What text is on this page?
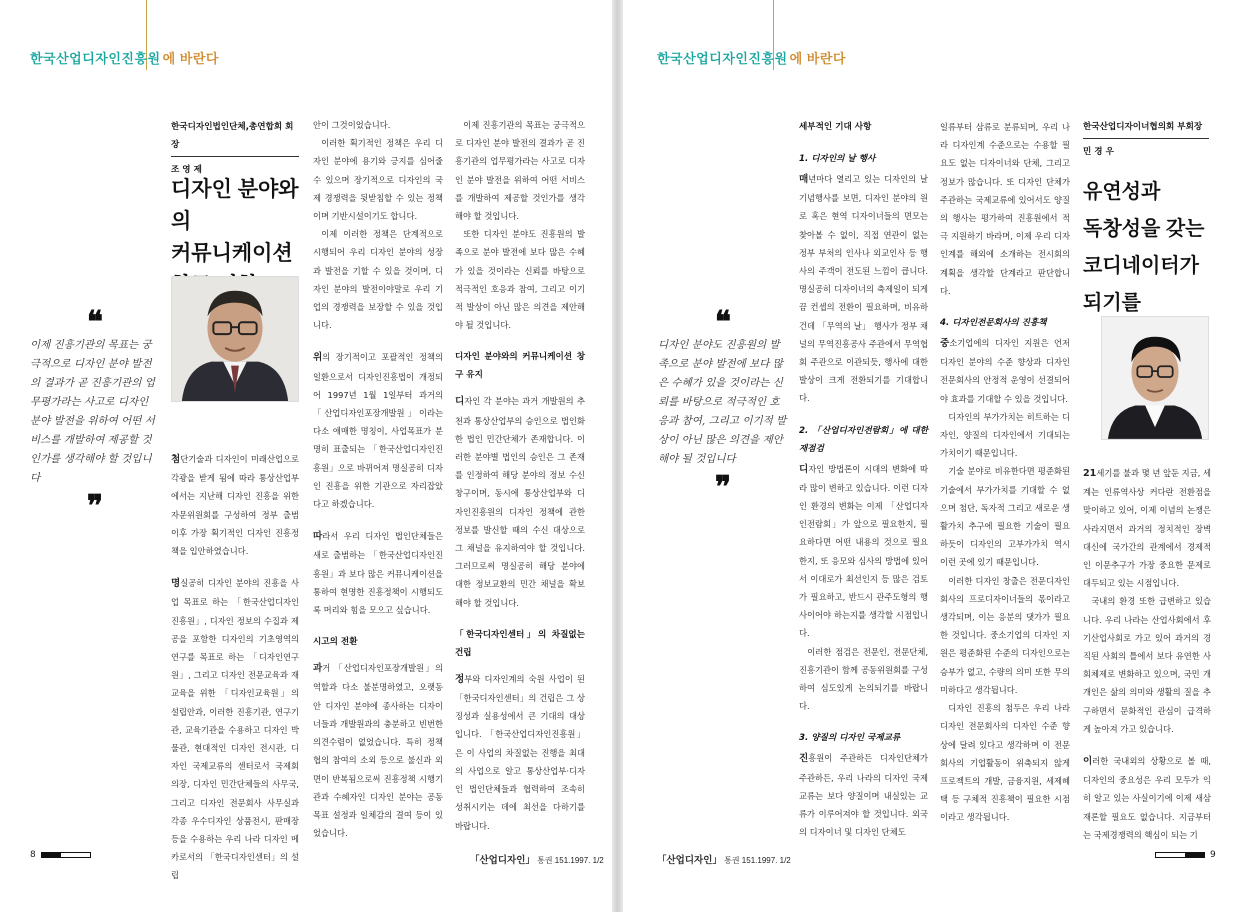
한국산업디자인진흥원 에 바란다
❝
이제 진흥기관의 목표는 궁극적으로 디자인 분야 발전의 결과가 곧 진흥기관의 업무평가라는 사고로 디자인 분야 발전을 위하여 어떤 서비스를 개발하여 제공할 것인가를 생각해야 할 것입니다
❞
한국디자인법인단체,총연합회 회장
조 영 제
디자인 분야와의
커뮤니케이션

첨단기술과 디자인이 미래산업으로 각광을 받게 됨에 따라 통상산업부에서는 지난해 디자인 진흥을 위한 자문위원회를 구성하여 정부 출범 이후 가장 획기적인 디자인 진흥정책을 입안하였습니다.

명실공히 디자인 분야의 진흥을 사업 목표로 하는 「한국산업디자인진흥원」, 디자인 정보의 수집과 제공을 포함한 디자인의 기초영역의 연구를 목표로 하는 「디자인연구원」, 그리고 디자인 전문교육과 재교육을 위한 「디자인교육원」의 설립안과, 이러한 진흥기관, 연구기관, 교육기관을 수용하고 디자인 박물관, 현대적인 디자인 전시관, 디자인 국제교류의 센터로서 국제회의장, 디자인 민간단체들의 사무국, 그리고 디자인 전문회사 사무실과 각종 우수디자인 상품전시, 판매장 등을 수용하는 우리 나라 디자인 메카로서의 「한국디자인센터」의 설립

안이 그것이었습니다.

이러한 획기적인 정책은 우리 디자인 분야에 용기와 긍지를 심어줄 수 있으며 장기적으로 디자인의 국제 경쟁력을 뒷받침할 수 있는 정책이며 기반시설이기도 합니다.

이제 이러한 정책은 단계적으로 시행되어 우리 디자인 분야의 성장과 발전을 기할 수 있을 것이며, 디자인 분야의 발전이야말로 우리 기업의 경쟁력을 보장할 수 있을 것입니다.

위의 장기적이고 포괄적인 정책의 일환으로서 디자인진흥법이 개정되어 1997년 1월 1일부터 과거의 「산업디자인포장개발원」이라는 다소 애매한 명칭이, 사업목표가 분명히 표출되는 「한국산업디자인진흥원」으로 바뀌어져 명실공히 디자인 진흥을 위한 기관으로 자리잡았다고 하겠습니다.

따라서 우리 디자인 법인단체들은 새로 출범하는 「한국산업디자인진흥원」과 보다 많은 커뮤니케이션을 통하여 현명한 진흥정책이 시행되도록 머리와 힘을 모으고 싶습니다.

시고의 전환

과거 「산업디자인포장개발원」의 역할과 다소 불분명하였고, 오랫동안 디자인 분야에 종사하는 디자이너들과 개발원과의 충분하고 빈번한 의견수렴이 없었습니다. 특히 정책협의 참여의 소외 등으로 불신과 외면이 반복됨으로써 진흥정책 시행기관과 수혜자인 디자인 분야는 공동목표 설정과 일체감의 결여 등이 있었습니다.

이제 진흥기관의 목표는 궁극적으로 디자인 분야 발전의 결과가 곧 진흥기관의 업무평가라는 사고로 디자인 분야 발전을 위하여 어떤 서비스를 개발하여 제공할 것인가를 생각해야 할 것입니다.

또한 디자인 분야도 진흥원의 발족으로 분야 발전에 보다 많은 수혜가 있을 것이라는 신뢰를 바탕으로 적극적인 호응과 참여, 그리고 이기적 발상이 아닌 많은 의견을 제안해야 될 것입니다.

디자인 분야와의 커뮤니케이션 창구 유지

디자인 각 분야는 과거 개발원의 추천과 통상산업부의 승인으로 법인화한 법인 민간단체가 존재합니다. 이러한 분야별 법인의 승인은 그 존재를 인정하여 해당 분야의 정보 수신 창구이며, 동시에 통상산업부와 디자인진흥원의 디자인 정책에 관한 정보를 발신할 때의 수신 대상으로 그 채널을 유지하여야 할 것입니다. 그러므로써 명실공히 해당 분야에 대한 정보교환의 민간 채널을 확보해야 할 것입니다.

「한국디자인센터」의 차질없는 건립

정부와 디자인계의 숙원 사업이 된 「한국디자인센터」의 건립은 그 상징성과 실용성에서 큰 기대의 대상입니다. 「한국산업디자인진흥원」은 이 사업의 차질없는 진행을 최대의 사업으로 알고 통상산업부·디자인 법인단체들과 협력하여 조속히 성취시키는 데에 최선을 다하기를 바랍니다.

8	「산업디자인」 통권 151.1997. 1/2
한국산업디자인진흥원 에 바란다
❝
디자인 분야도 진흥원의 발족으로 분야 발전에 보다 많은 수혜가 있을 것이라는 신뢰를 바탕으로 적극적인 호응과 참여, 그리고 이기적 발상이 아닌 많은 의견을 제안해야 될 것입니다
❞
세부적인 기대 사항
1. 디자인의 날 행사

매년마다 열리고 있는 디자인의 날 기념행사를 보면, 디자인 분야의 원로 혹은 현역 디자이너들의 면모는 찾아볼 수 없이, 직접 연관이 없는 정부 부처의 인사나 외교인사 등 행사의 주객이 전도된 느낌이 큽니다. 명실공히 디자이너의 축제일이 되게끔 컨셉의 전환이 필요하며, 비유하건데 「무역의 날」 행사가 정부 채널의 무역진흥공사 주관에서 무역협회 주관으로 이관되듯, 행사에 대한 발상이 크게 전환되기를 기대합니다.

2. 「산업디자인전람회」에 대한 재점검

디자인 방법론이 시대의 변화에 따라 많이 변하고 있습니다. 이런 디자인 환경의 변화는 이제 「산업디자인전람회」가 앞으로 필요한지, 필요하다면 어떤 내용의 것으로 필요한지, 또 응모와 심사의 방법에 있어서 이대로가 최선인지 등 많은 검토가 필요하고, 반드시 관주도형의 행사이어야 하는지를 생각할 시점입니다.

이러한 점검은 전문인, 전문단체, 진흥기관이 함께 공동위원회를 구성하여 심도있게 논의되기를 바랍니다.

3. 양질의 디자인 국제교류

진흥원이 주관하든 디자인단체가 주관하든, 우리 나라의 디자인 국제교류는 보다 양질이며 내실있는 교류가 이루어져야 할 것입니다. 외국의 디자이너 및 디자인 단체도

일류부터 삼류로 분류되며, 우리 나라 디자인계 수준으로는 수용할 필요도 없는 디자이너와 단체, 그리고 정보가 많습니다. 또 디자인 단체가 주관하는 국제교류에 있어서도 양질의 행사는 평가하여 진흥원에서 적극 지원하기 바라며, 이제 우리 디자인계를 해외에 소개하는 전시회의 계획을 생각할 단계라고 판단합니다.

4. 디자인전문회사의 진흥책

중소기업에의 디자인 지원은 언저 디자인 분야의 수준 향상과 디자인 전문회사의 안정적 운영이 선결되어야 효과를 기대할 수 있을 것입니다.

디자인의 부가가치는 히트하는 디자인, 양질의 디자인에서 기대되는 가치이기 때문입니다.

기술 분야로 비유한다면 평준화된 기술에서 부가가치를 기대할 수 없으며 첨단, 독자적 그리고 새로운 생활가치 추구에 필요한 기술이 필요하듯이 디자인의 고부가가치 역시 이런 곳에 있기 때문입니다.

이러한 디자인 창출은 전문디자인회사의 프로디자이너들의 몫이라고 생각되며, 이는 응분의 댓가가 필요한 것입니다. 중소기업의 디자인 지원은 평준화된 수준의 디자인으로는 승부가 없고, 수량의 의미 또한 무의미하다고 생각됩니다.

디자인 진흥의 첨두은 우리 나라 디자인 전문회사의 디자인 수준 향상에 달려 있다고 생각하며 이 전문회사의 기업활동이 위축되지 않게 프로젝트의 개발, 금융지원, 세제혜택 등 구체적 진흥책이 필요한 시점이라고 생각됩니다.

한국산업디자이너협의회 부회장
민 경 우
유연성과
독창성을 갖는
코디네이터가
되기를

21세기를 불과 몇 년 앞둔 지금, 세계는 인류역사상 커다란 전환점을 맞이하고 있어, 이제 이념의 논쟁은 사라지면서 과거의 정치적인 장벽 대신에 국가간의 관계에서 경제적인 이문추구가 가장 중요한 문제로 대두되고 있는 시점입니다.

국내의 환경 또한 급변하고 있습니다. 우리 나라는 산업사회에서 후기산업사회로 가고 있어 과거의 경직된 사회의 틀에서 보다 유연한 사회체제로 변화하고 있으며, 국민 개개인은 삶의 의미와 생활의 질을 추구하면서 문화적인 관심이 급격하게 높아져 가고 있습니다.

이러한 국내외의 상황으로 볼 때, 디자인의 중요성은 우리 모두가 익히 알고 있는 사실이기에 이제 새삼 재론할 필요도 없습니다. 지금부터는 국제경쟁력의 핵심이 되는 기

「산업디자인」 통권 151.1997. 1/2
9
